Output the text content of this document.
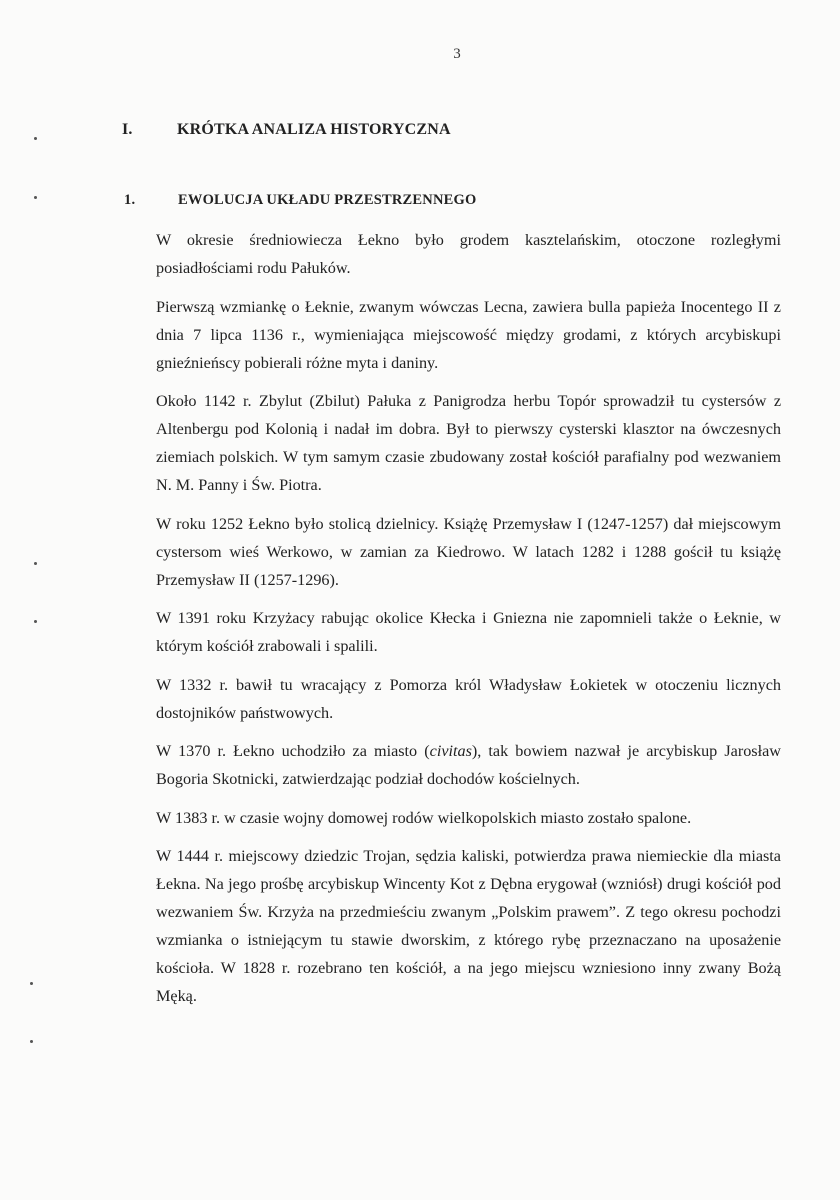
3
I.	KRÓTKA ANALIZA HISTORYCZNA
1.	EWOLUCJA UKŁADU PRZESTRZENNEGO

W okresie średniowiecza Łekno było grodem kasztelańskim, otoczone rozległymi posiadłościami rodu Pałuków.

Pierwszą wzmiankę o Łeknie, zwanym wówczas Lecna, zawiera bulla papieża Inocentego II z dnia 7 lipca 1136 r., wymieniająca miejscowość między grodami, z których arcybiskupi gnieźnieńscy pobierali różne myta i daniny.

Około 1142 r. Zbylut (Zbilut) Pałuka z Panigrodza herbu Topór sprowadził tu cystersów z Altenbergu pod Kolonią i nadał im dobra. Był to pierwszy cysterski klasztor na ówczesnych ziemiach polskich. W tym samym czasie zbudowany został kościół parafialny pod wezwaniem N. M. Panny i Św. Piotra.

W roku 1252 Łekno było stolicą dzielnicy. Książę Przemysław I (1247-1257) dał miejscowym cystersom wieś Werkowo, w zamian za Kiedrowo. W latach 1282 i 1288 gościł tu książę Przemysław II (1257-1296).

W 1391 roku Krzyżacy rabując okolice Kłecka i Gniezna nie zapomnieli także o Łeknie, w którym kościół zrabowali i spalili.

W 1332 r. bawił tu wracający z Pomorza król Władysław Łokietek w otoczeniu licznych dostojników państwowych.

W 1370 r. Łekno uchodziło za miasto (civitas), tak bowiem nazwał je arcybiskup Jarosław Bogoria Skotnicki, zatwierdzając podział dochodów kościelnych.

W 1383 r. w czasie wojny domowej rodów wielkopolskich miasto zostało spalone.

W 1444 r. miejscowy dziedzic Trojan, sędzia kaliski, potwierdza prawa niemieckie dla miasta Łekna. Na jego prośbę arcybiskup Wincenty Kot z Dębna erygował (wzniósł) drugi kościół pod wezwaniem Św. Krzyża na przedmieściu zwanym „Polskim prawem”. Z tego okresu pochodzi wzmianka o istniejącym tu stawie dworskim, z którego rybę przeznaczano na uposażenie kościoła. W 1828 r. rozebrano ten kościół, a na jego miejscu wzniesiono inny zwany Bożą Męką.
